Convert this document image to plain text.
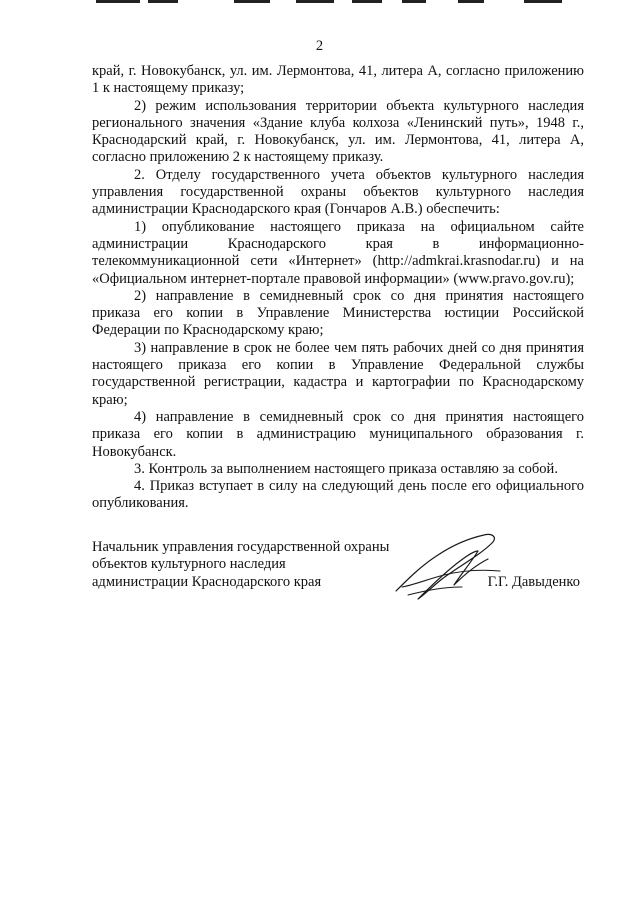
2

край, г. Новокубанск, ул. им. Лермонтова, 41, литера А, согласно приложению 1 к настоящему приказу;

2) режим использования территории объекта культурного наследия регионального значения «Здание клуба колхоза «Ленинский путь», 1948 г., Краснодарский край, г. Новокубанск, ул. им. Лермонтова, 41, литера А, согласно приложению 2 к настоящему приказу.

2. Отделу государственного учета объектов культурного наследия управления государственной охраны объектов культурного наследия администрации Краснодарского края (Гончаров А.В.) обеспечить:

1) опубликование настоящего приказа на официальном сайте администрации Краснодарского края в информационно-телекоммуникационной сети «Интернет» (http://admkrai.krasnodar.ru) и на «Официальном интернет-портале правовой информации» (www.pravo.gov.ru);

2) направление в семидневный срок со дня принятия настоящего приказа его копии в Управление Министерства юстиции Российской Федерации по Краснодарскому краю;

3) направление в срок не более чем пять рабочих дней со дня принятия настоящего приказа его копии в Управление Федеральной службы государственной регистрации, кадастра и картографии по Краснодарскому краю;

4) направление в семидневный срок со дня принятия настоящего приказа его копии в администрацию муниципального образования г. Новокубанск.

3. Контроль за выполнением настоящего приказа оставляю за собой.

4. Приказ вступает в силу на следующий день после его официального опубликования.

Начальник управления государственной охраны
объектов культурного наследия
администрации Краснодарского края	Г.Г. Давыденко
